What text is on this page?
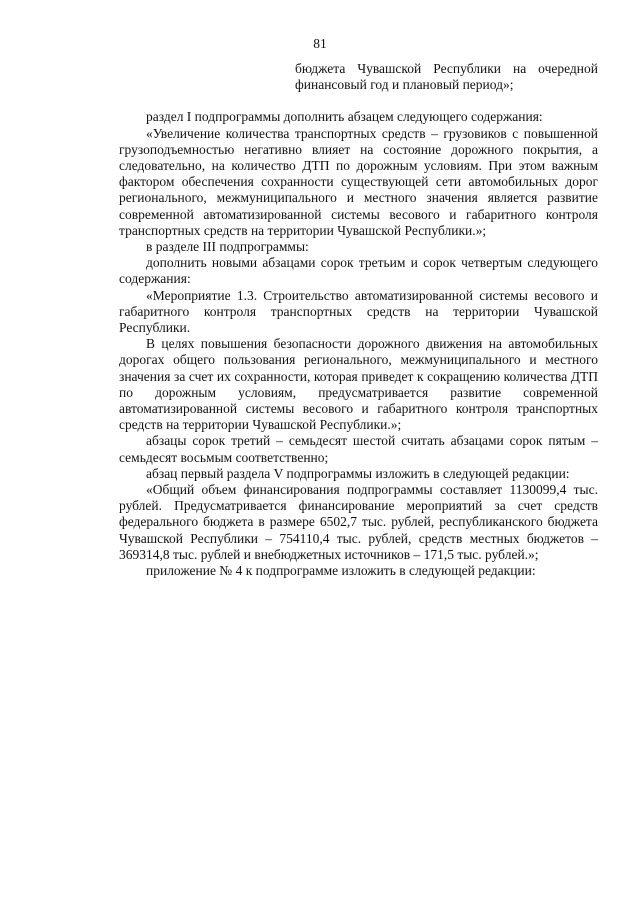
81

бюджета Чувашской Республики на очередной финансовый год и плановый период»;

раздел I подпрограммы дополнить абзацем следующего содержания:

«Увеличение количества транспортных средств – грузовиков с повышенной грузоподъемностью негативно влияет на состояние дорожного покрытия, а следовательно, на количество ДТП по дорожным условиям. При этом важным фактором обеспечения сохранности существующей сети автомобильных дорог регионального, межмуниципального и местного значения является развитие современной автоматизированной системы весового и габаритного контроля транспортных средств на территории Чувашской Республики.»;

в разделе III подпрограммы:

дополнить новыми абзацами сорок третьим и сорок четвертым следующего содержания:

«Мероприятие 1.3. Строительство автоматизированной системы весового и габаритного контроля транспортных средств на территории Чувашской Республики.

В целях повышения безопасности дорожного движения на автомобильных дорогах общего пользования регионального, межмуниципального и местного значения за счет их сохранности, которая приведет к сокращению количества ДТП по дорожным условиям, предусматривается развитие современной автоматизированной системы весового и габаритного контроля транспортных средств на территории Чувашской Республики.»;

абзацы сорок третий – семьдесят шестой считать абзацами сорок пятым – семьдесят восьмым соответственно;

абзац первый раздела V подпрограммы изложить в следующей редакции:

«Общий объем финансирования подпрограммы составляет 1130099,4 тыс. рублей. Предусматривается финансирование мероприятий за счет средств федерального бюджета в размере 6502,7 тыс. рублей, республиканского бюджета Чувашской Республики – 754110,4 тыс. рублей, средств местных бюджетов – 369314,8 тыс. рублей и внебюджетных источников – 171,5 тыс. рублей.»;

приложение № 4 к подпрограмме изложить в следующей редакции:
